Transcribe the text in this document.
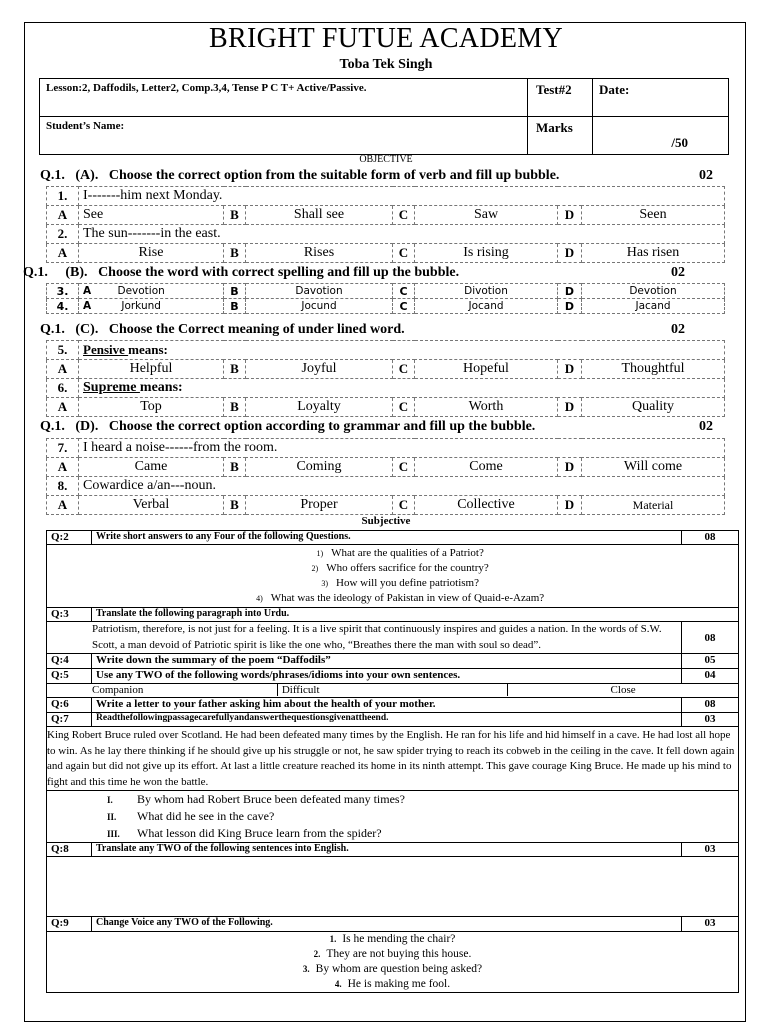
BRIGHT FUTUE ACADEMY
Toba Tek Singh
Lesson:2, Daffodils, Letter2, Comp.3,4, Tense P C T+ Active/Passive.	Test#2	Date:
Student’s Name:	Marks	/50
OBJECTIVE
Q.1. (A). Choose the correct option from the suitable form of verb and fill up bubble.	02
1.	I-------him next Monday.						
A	See	B	Shall see	C	Saw	D	Seen
2.	The sun-------in the east.						
A	Rise	B	Rises	C	Is rising	D	Has risen
Q.1. (B). Choose the word with correct spelling and fill up the bubble.	02
3.	A Devotion	B	Davotion	C	Divotion	D	Devotion
4.	A Jorkund	B	Jocund	C	Jocand	D	Jacand
Q.1. (C). Choose the Correct meaning of under lined word.	02
5.	Pensive means:						
A	Helpful	B	Joyful	C	Hopeful	D	Thoughtful
6.	Supreme means:						
A	Top	B	Loyalty	C	Worth	D	Quality
Q.1. (D). Choose the correct option according to grammar and fill up the bubble.	02
7.	I heard a noise------from the room.						
A	Came	B	Coming	C	Come	D	Will come
8.	Cowardice a/an---noun.						
A	Verbal	B	Proper	C	Collective	D	Material
Subjective
Q:2	Write short answers to any Four of the following Questions.	08

1) What are the qualities of a Patriot?
2) Who offers sacrifice for the country?
3) How will you define patriotism?
4) What was the ideology of Pakistan in view of Quaid-e-Azam?

Q:3	Translate the following paragraph into Urdu.
Patriotism, therefore, is not just for a feeling. It is a live spirit that continuously inspires and guides a nation. In the words of S.W. Scott, a man devoid of Patriotic spirit is like the one who, “Breathes there the man with soul so dead”.	08
Q:4	Write down the summary of the poem “Daffodils”	05
Q:5	Use any TWO of the following words/phrases/idioms into your own sentences.	04

Companion	Difficult	Close

Q:6	Write a letter to your father asking him about the health of your mother.	08
Q:7	Readthefollowingpassagecarefullyandanswerthequestionsgivenattheend.	03
King Robert Bruce ruled over Scotland. He had been defeated many times by the English. He ran for his life and hid himself in a cave. He had lost all hope to win. As he lay there thinking if he should give up his struggle or not, he saw spider trying to reach its cobweb in the ceiling in the cave. It fell down again and again but did not give up its effort. At last a little creature reached its home in its ninth attempt. This gave courage King Bruce. He made up his mind to fight and this time he won the battle.

I. By whom had Robert Bruce been defeated many times?
II. What did he see in the cave?
III. What lesson did King Bruce learn from the spider?

Q:8	Translate any TWO of the following sentences into English.	03

Q:9	Change Voice any TWO of the Following.	03

1. Is he mending the chair?
2. They are not buying this house.
3. By whom are question being asked?
4. He is making me fool.
